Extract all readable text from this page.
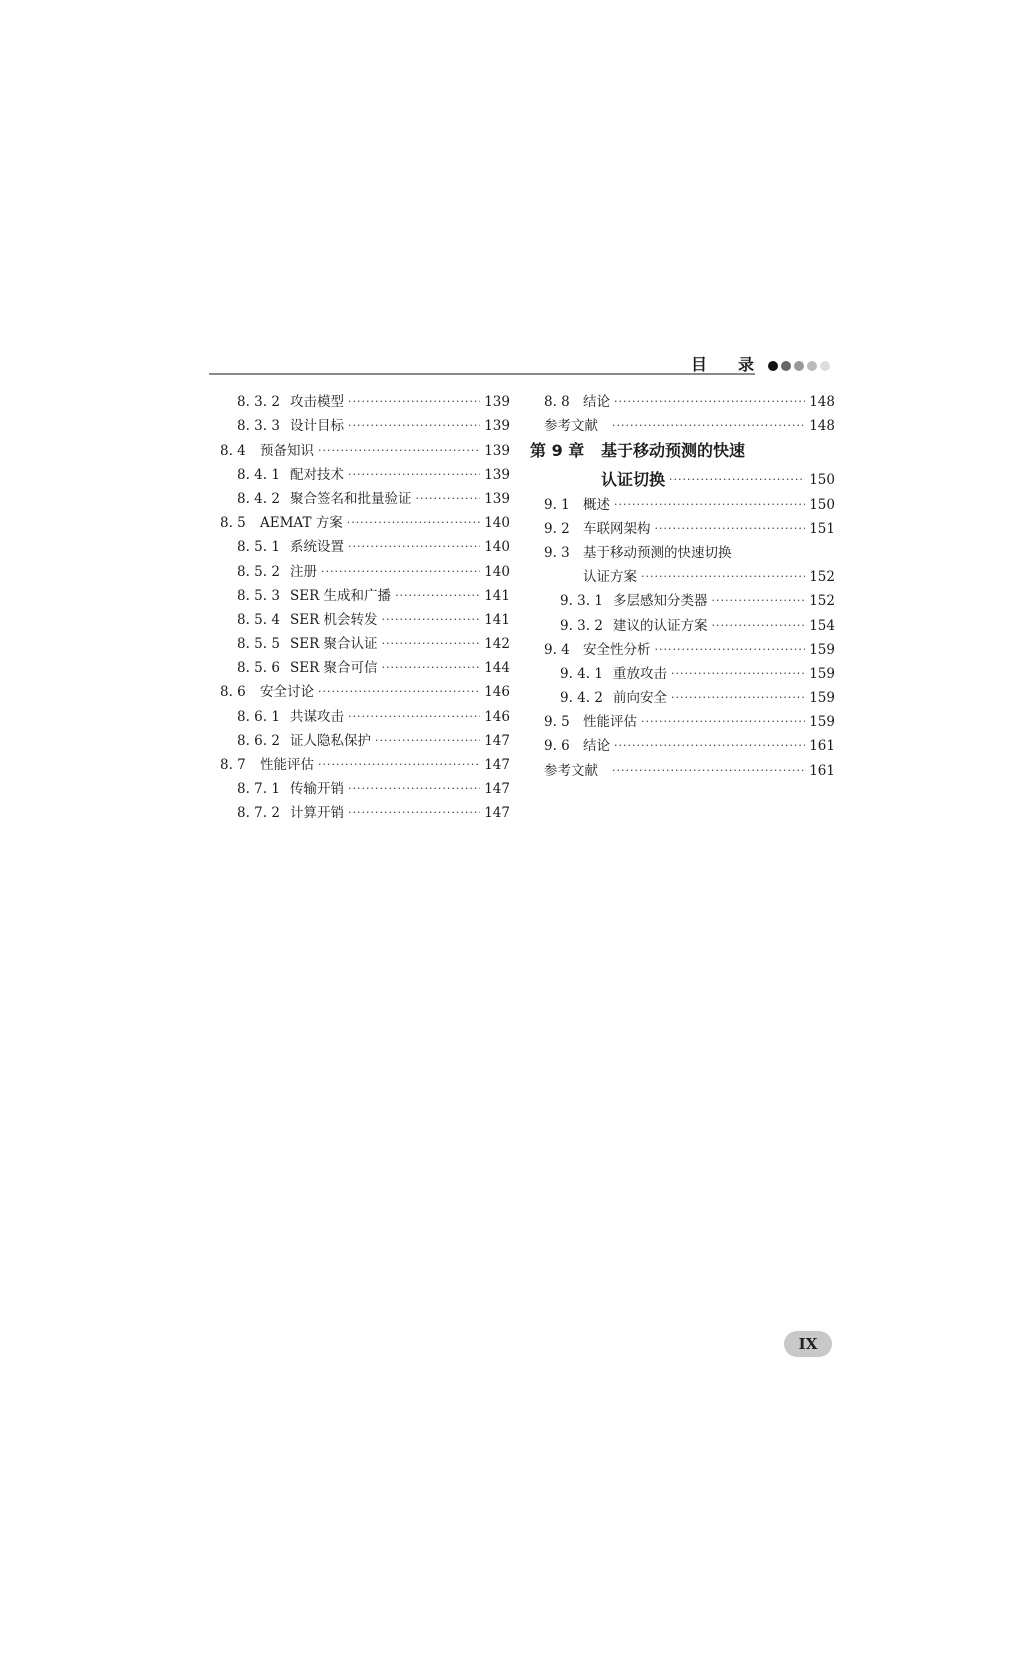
目 录
8. 3. 2 攻击模型 ·····	139
8. 3. 3 设计目标 ·····	139
8. 4	预备知识 ·····	139
8. 4. 1 配对技术 ·····	139
8. 4. 2 聚合签名和批量验证 ·····	139
8. 5	AEMAT 方案 ·····	140
8. 5. 1 系统设置 ·····	140
8. 5. 2 注册 ·····	140
8. 5. 3 SER 生成和广播 ·····	141
8. 5. 4 SER 机会转发 ·····	141
8. 5. 5 SER 聚合认证 ·····	142
8. 5. 6 SER 聚合可信 ·····	144
8. 6	安全讨论 ·····	146
8. 6. 1 共谋攻击 ·····	146
8. 6. 2 证人隐私保护 ·····	147
8. 7	性能评估 ·····	147
8. 7. 1 传输开销 ·····	147
8. 7. 2 计算开销 ·····	147
8. 8 结论 ·····	148
参考文献 ·····	148
第 9 章	基于移动预测的快速
认证切换 ·····	150
9. 1 概述 ·····	150
9. 2 车联网架构 ·····	151
9. 3 基于移动预测的快速切换
认证方案 ·····	152
9. 3. 1 多层感知分类器 ·····	152
9. 3. 2 建议的认证方案 ·····	154
9. 4 安全性分析 ·····	159
9. 4. 1 重放攻击 ·····	159
9. 4. 2 前向安全 ·····	159
9. 5 性能评估 ·····	159
9. 6 结论 ·····	161
参考文献 ·····	161
IX
